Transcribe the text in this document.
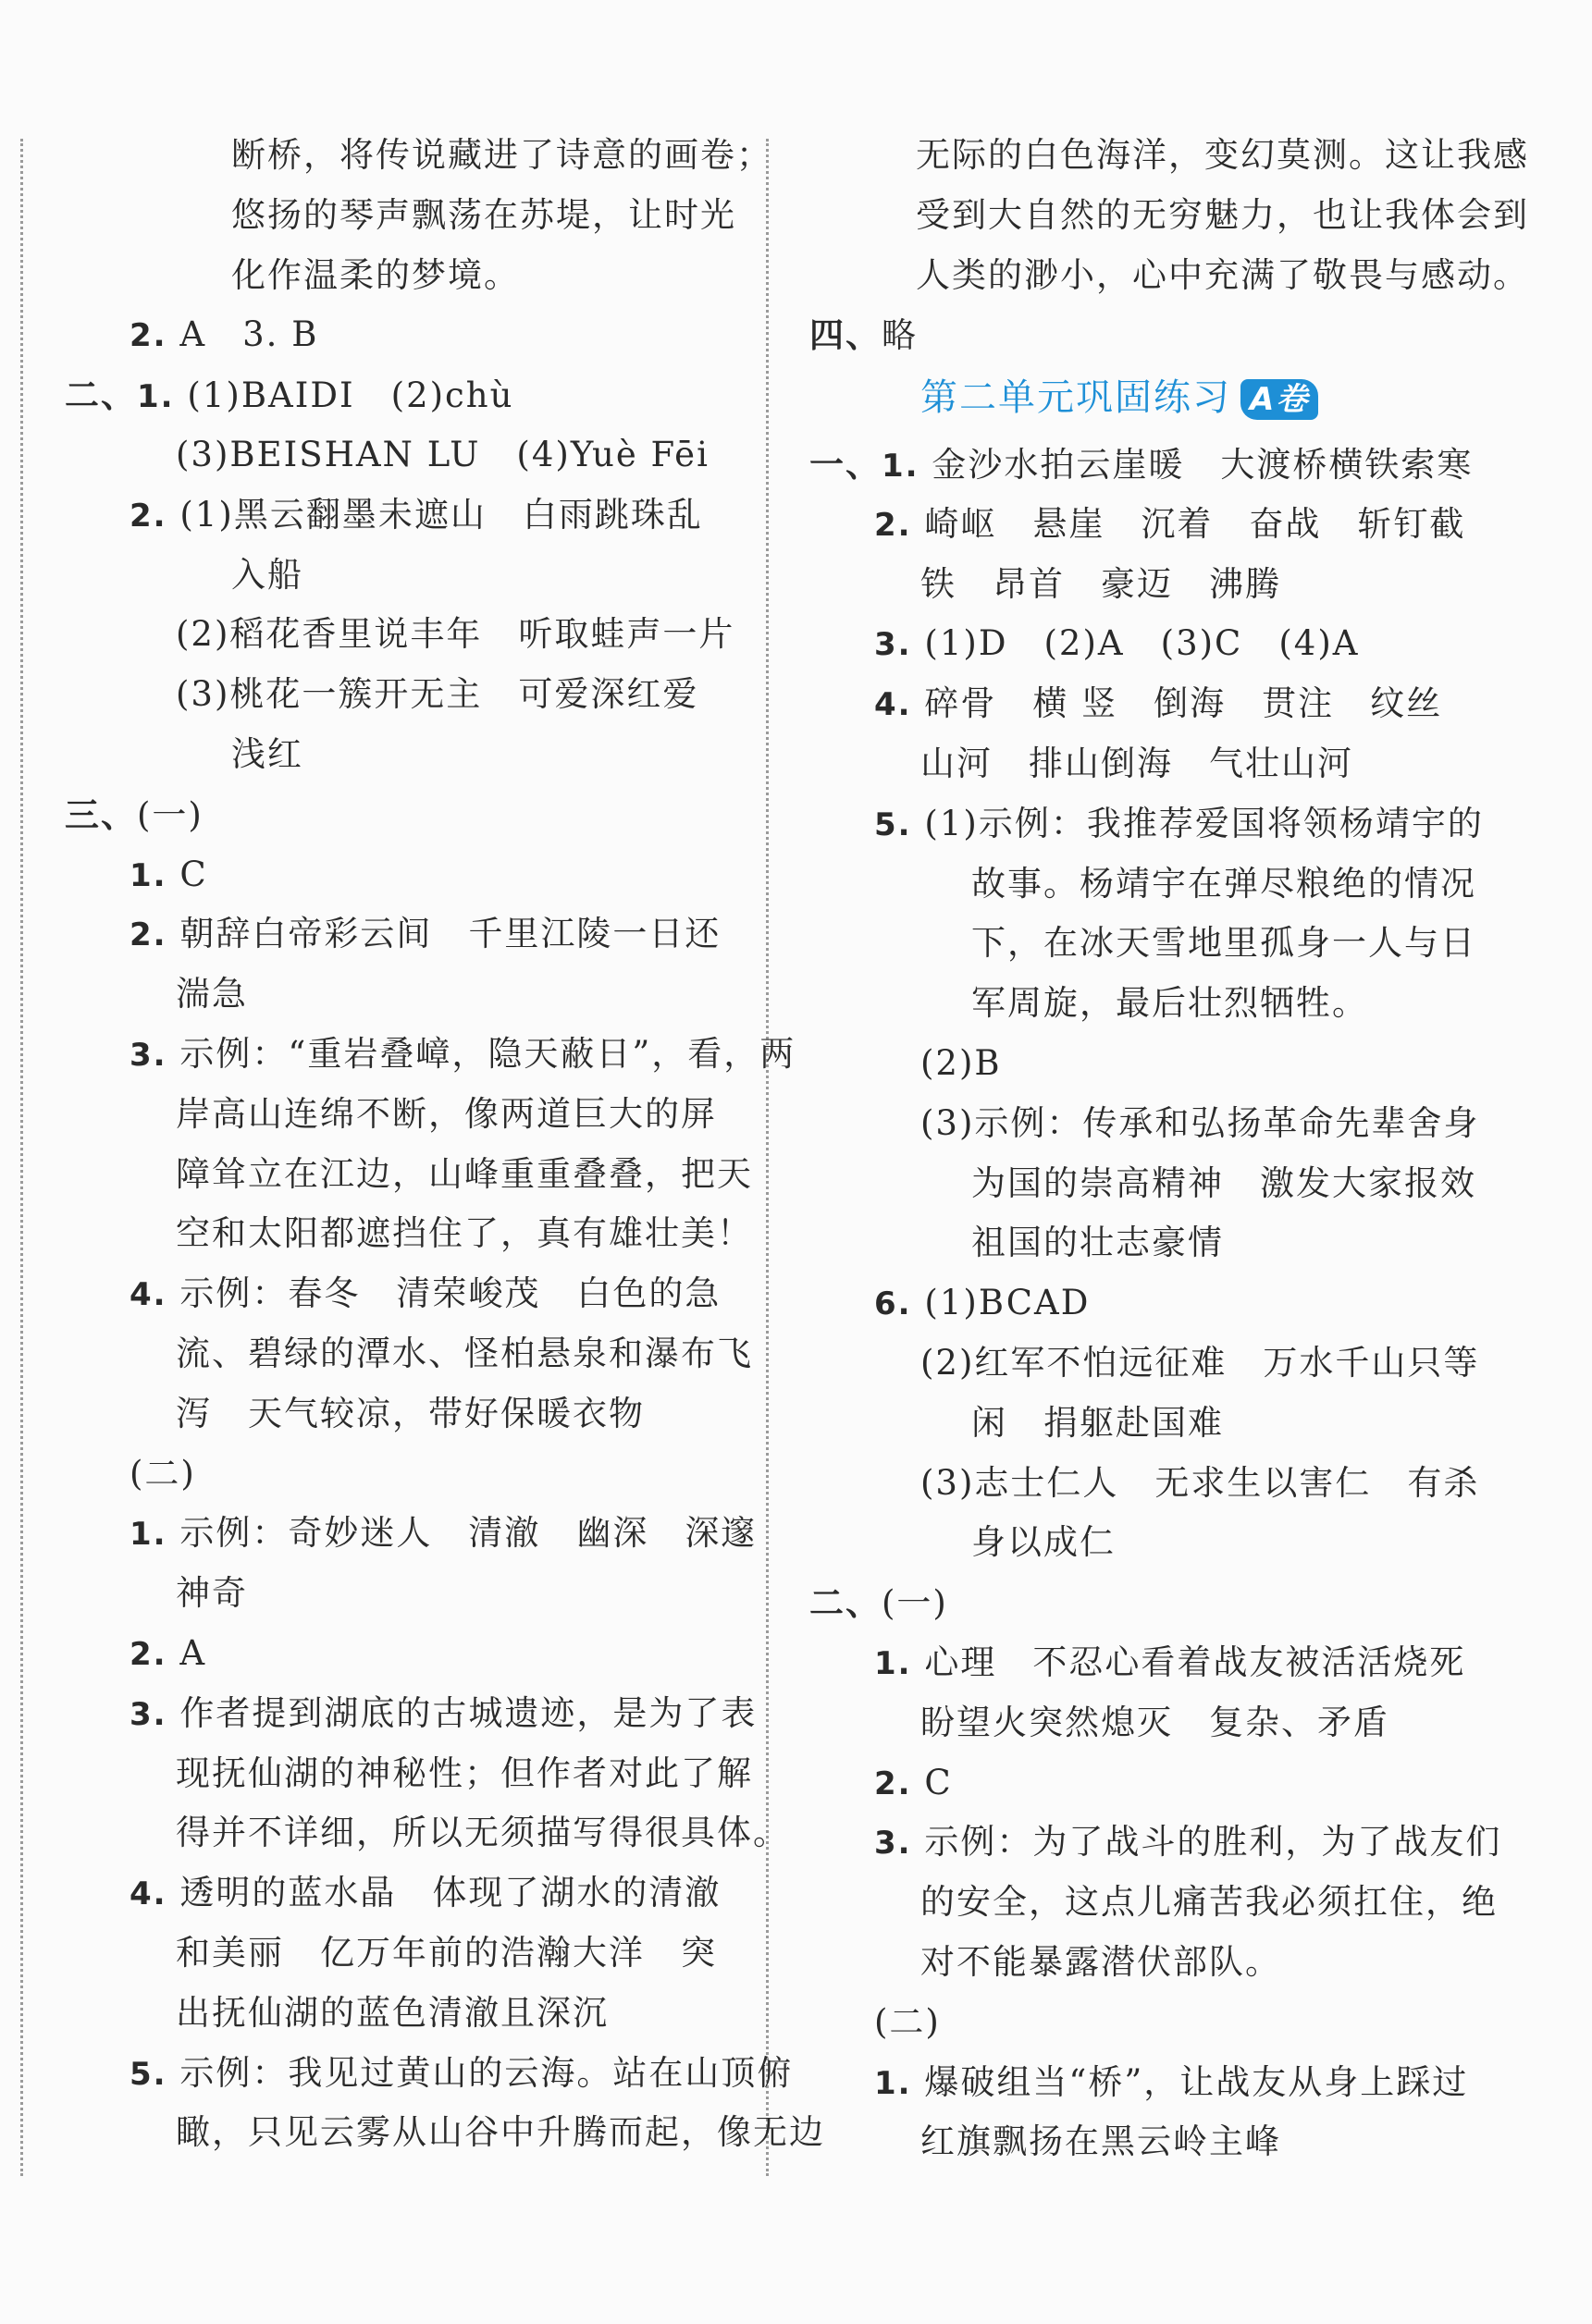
第二单元巩固练习 A卷
断桥，将传说藏进了诗意的画卷；
悠扬的琴声飘荡在苏堤，让时光
化作温柔的梦境。
2. A　3. B
二、1. (1)BAIDI　(2)chù
(3)BEISHAN LU　(4)Yuè Fēi
2. (1)黑云翻墨未遮山　白雨跳珠乱
入船
(2)稻花香里说丰年　听取蛙声一片
(3)桃花一簇开无主　可爱深红爱
浅红
三、(一)
1. C
2. 朝辞白帝彩云间　千里江陵一日还
湍急
3. 示例：“重岩叠嶂，隐天蔽日”，看，两
岸高山连绵不断，像两道巨大的屏
障耸立在江边，山峰重重叠叠，把天
空和太阳都遮挡住了，真有雄壮美！
4. 示例：春冬　清荣峻茂　白色的急
流、碧绿的潭水、怪柏悬泉和瀑布飞
泻　天气较凉，带好保暖衣物
(二)
1. 示例：奇妙迷人　清澈　幽深　深邃
神奇
2. A
3. 作者提到湖底的古城遗迹，是为了表
现抚仙湖的神秘性；但作者对此了解
得并不详细，所以无须描写得很具体。
4. 透明的蓝水晶　体现了湖水的清澈
和美丽　亿万年前的浩瀚大洋　突
出抚仙湖的蓝色清澈且深沉
5. 示例：我见过黄山的云海。站在山顶俯
瞰，只见云雾从山谷中升腾而起，像无边
无际的白色海洋，变幻莫测。这让我感
受到大自然的无穷魅力，也让我体会到
人类的渺小，心中充满了敬畏与感动。
四、略
一、1. 金沙水拍云崖暖　大渡桥横铁索寒
2. 崎岖　悬崖　沉着　奋战　斩钉截
铁　昂首　豪迈　沸腾
3. (1)D　(2)A　(3)C　(4)A
4. 碎骨　横 竖　倒海　贯注　纹丝
山河　排山倒海　气壮山河
5. (1)示例：我推荐爱国将领杨靖宇的
故事。杨靖宇在弹尽粮绝的情况
下，在冰天雪地里孤身一人与日
军周旋，最后壮烈牺牲。
(2)B
(3)示例：传承和弘扬革命先辈舍身
为国的崇高精神　激发大家报效
祖国的壮志豪情
6. (1)BCAD
(2)红军不怕远征难　万水千山只等
闲　捐躯赴国难
(3)志士仁人　无求生以害仁　有杀
身以成仁
二、(一)
1. 心理　不忍心看着战友被活活烧死
盼望火突然熄灭　复杂、矛盾
2. C
3. 示例：为了战斗的胜利，为了战友们
的安全，这点儿痛苦我必须扛住，绝
对不能暴露潜伏部队。
(二)
1. 爆破组当“桥”，让战友从身上踩过
红旗飘扬在黑云岭主峰
